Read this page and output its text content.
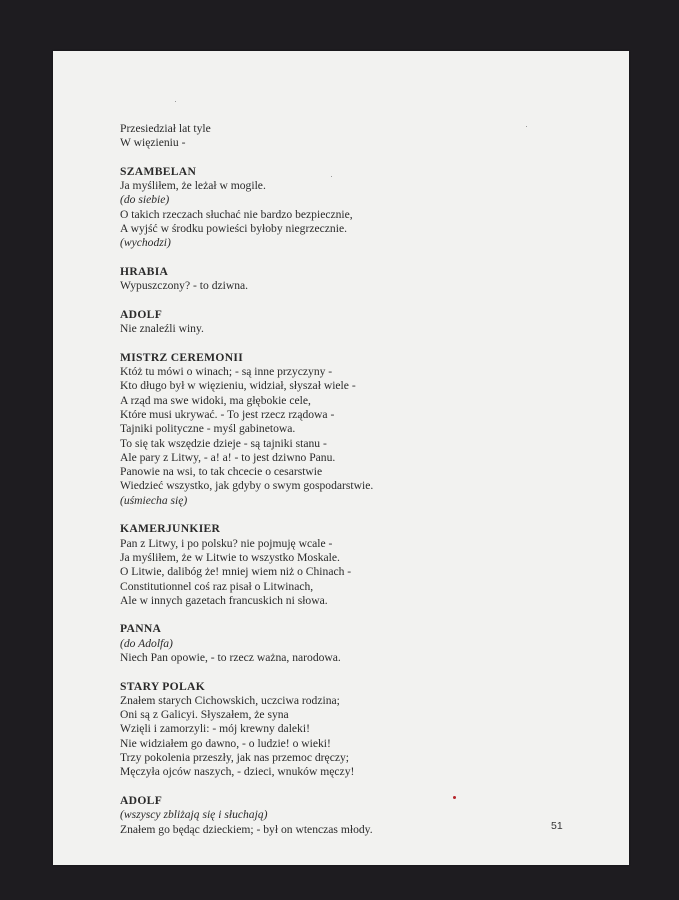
Przesiedział lat tyle
W więzieniu -
SZAMBELAN
Ja myśliłem, że leżał w mogile.
(do siebie)
O takich rzeczach słuchać nie bardzo bezpiecznie,
A wyjść w środku powieści byłoby niegrzecznie.
(wychodzi)
HRABIA
Wypuszczony? - to dziwna.
ADOLF
Nie znaleźli winy.
MISTRZ CEREMONII
Któż tu mówi o winach; - są inne przyczyny -
Kto długo był w więzieniu, widział, słyszał wiele -
A rząd ma swe widoki, ma głębokie cele,
Które musi ukrywać. - To jest rzecz rządowa -
Tajniki polityczne - myśl gabinetowa.
To się tak wszędzie dzieje - są tajniki stanu -
Ale pary z Litwy, - a! a! - to jest dziwno Panu.
Panowie na wsi, to tak chcecie o cesarstwie
Wiedzieć wszystko, jak gdyby o swym gospodarstwie.
(uśmiecha się)
KAMERJUNKIER
Pan z Litwy, i po polsku? nie pojmuję wcale -
Ja myśliłem, że w Litwie to wszystko Moskale.
O Litwie, dalibóg że! mniej wiem niż o Chinach -
Constitutionnel coś raz pisał o Litwinach,
Ale w innych gazetach francuskich ni słowa.
PANNA
(do Adolfa)
Niech Pan opowie, - to rzecz ważna, narodowa.
STARY POLAK
Znałem starych Cichowskich, uczciwa rodzina;
Oni są z Galicyi. Słyszałem, że syna
Wzięli i zamorzyli: - mój krewny daleki!
Nie widziałem go dawno, - o ludzie! o wieki!
Trzy pokolenia przeszły, jak nas przemoc dręczy;
Męczyła ojców naszych, - dzieci, wnuków męczy!
ADOLF
(wszyscy zbliżają się i słuchają)
Znałem go będąc dzieckiem; - był on wtenczas młody.	51
